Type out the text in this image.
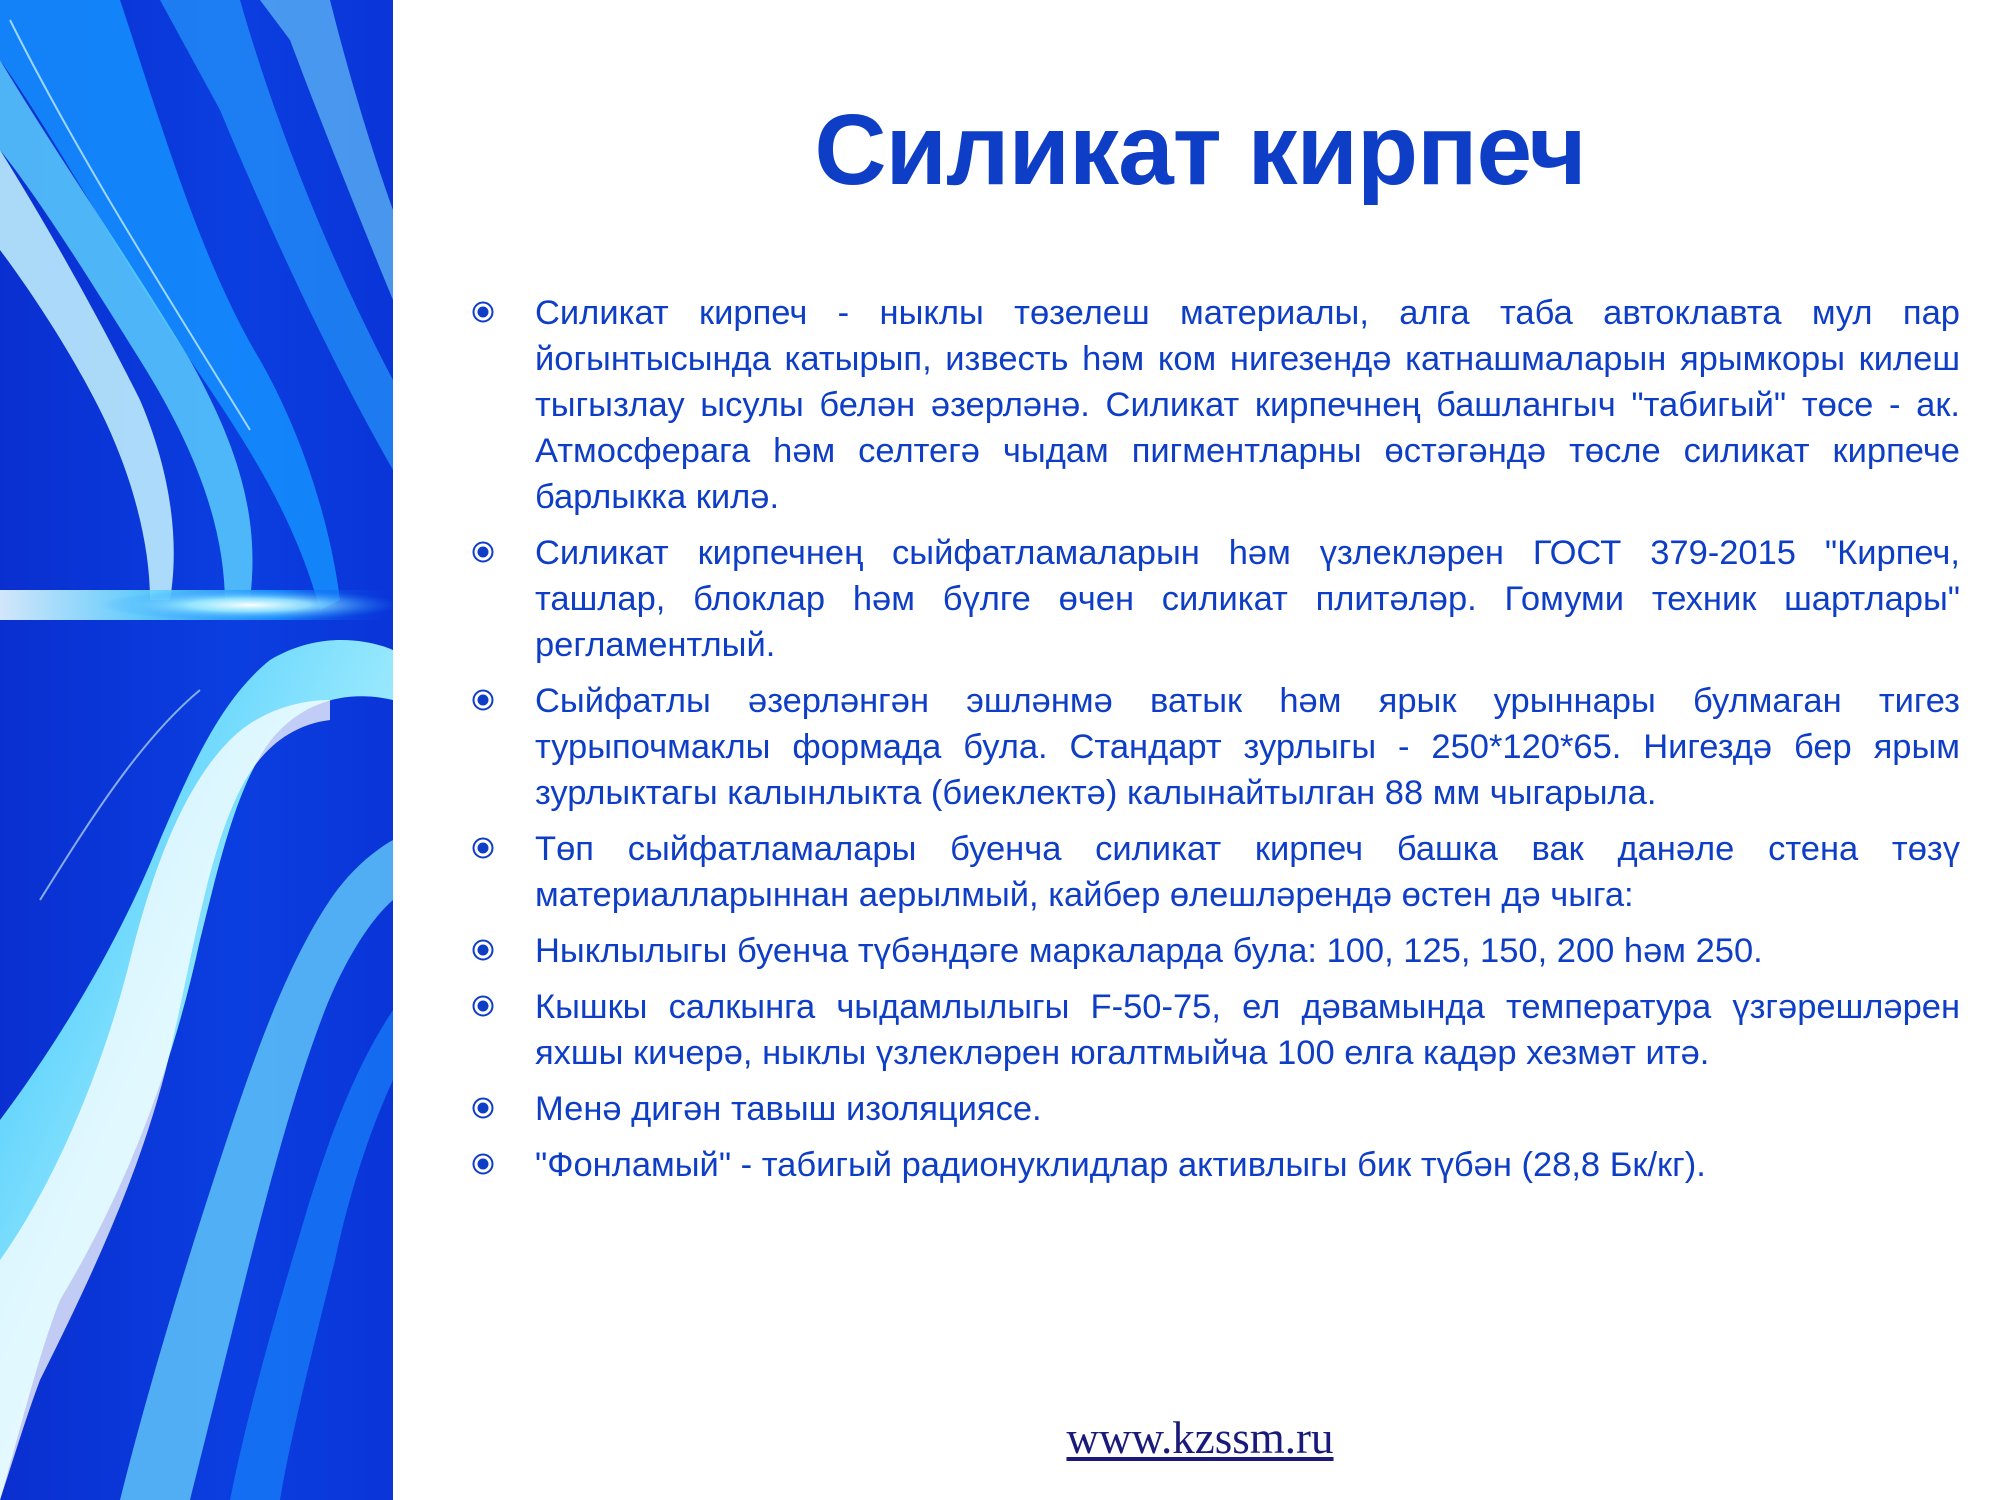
Силикат кирпеч
Силикат кирпеч - ныклы төзелеш материалы, алга таба автоклавта мул пар йогынтысында катырып, известь һәм ком нигезендә катнашмаларын ярымкоры килеш тыгызлау ысулы белән әзерләнә. Силикат кирпечнең башлангыч "табигый" төсе - ак. Атмосферага һәм селтегә чыдам пигментларны өстәгәндә төсле силикат кирпече барлыкка килә.
Силикат кирпечнең сыйфатламаларын һәм үзлекләрен ГОСТ 379-2015 "Кирпеч, ташлар, блоклар һәм бүлге өчен силикат плитәләр. Гомуми техник шартлары" регламентлый.
Сыйфатлы әзерләнгән эшләнмә ватык һәм ярык урыннары булмаган тигез турыпочмаклы формада була. Стандарт зурлыгы - 250*120*65. Нигездә бер ярым зурлыктагы калынлыкта (биеклектә) калынайтылган 88 мм чыгарыла.
Төп сыйфатламалары буенча силикат кирпеч башка вак данәле стена төзү материалларыннан аерылмый, кайбер өлешләрендә өстен дә чыга:
Ныклылыгы буенча түбәндәге маркаларда була: 100, 125, 150, 200 һәм 250.
Кышкы салкынга чыдамлылыгы F-50-75, ел дәвамында температура үзгәрешләрен яхшы кичерә, ныклы үзлекләрен югалтмыйча 100 елга кадәр хезмәт итә.
Менә дигән тавыш изоляциясе.
"Фонламый" - табигый радионуклидлар активлыгы бик түбән (28,8 Бк/кг).
www.kzssm.ru
